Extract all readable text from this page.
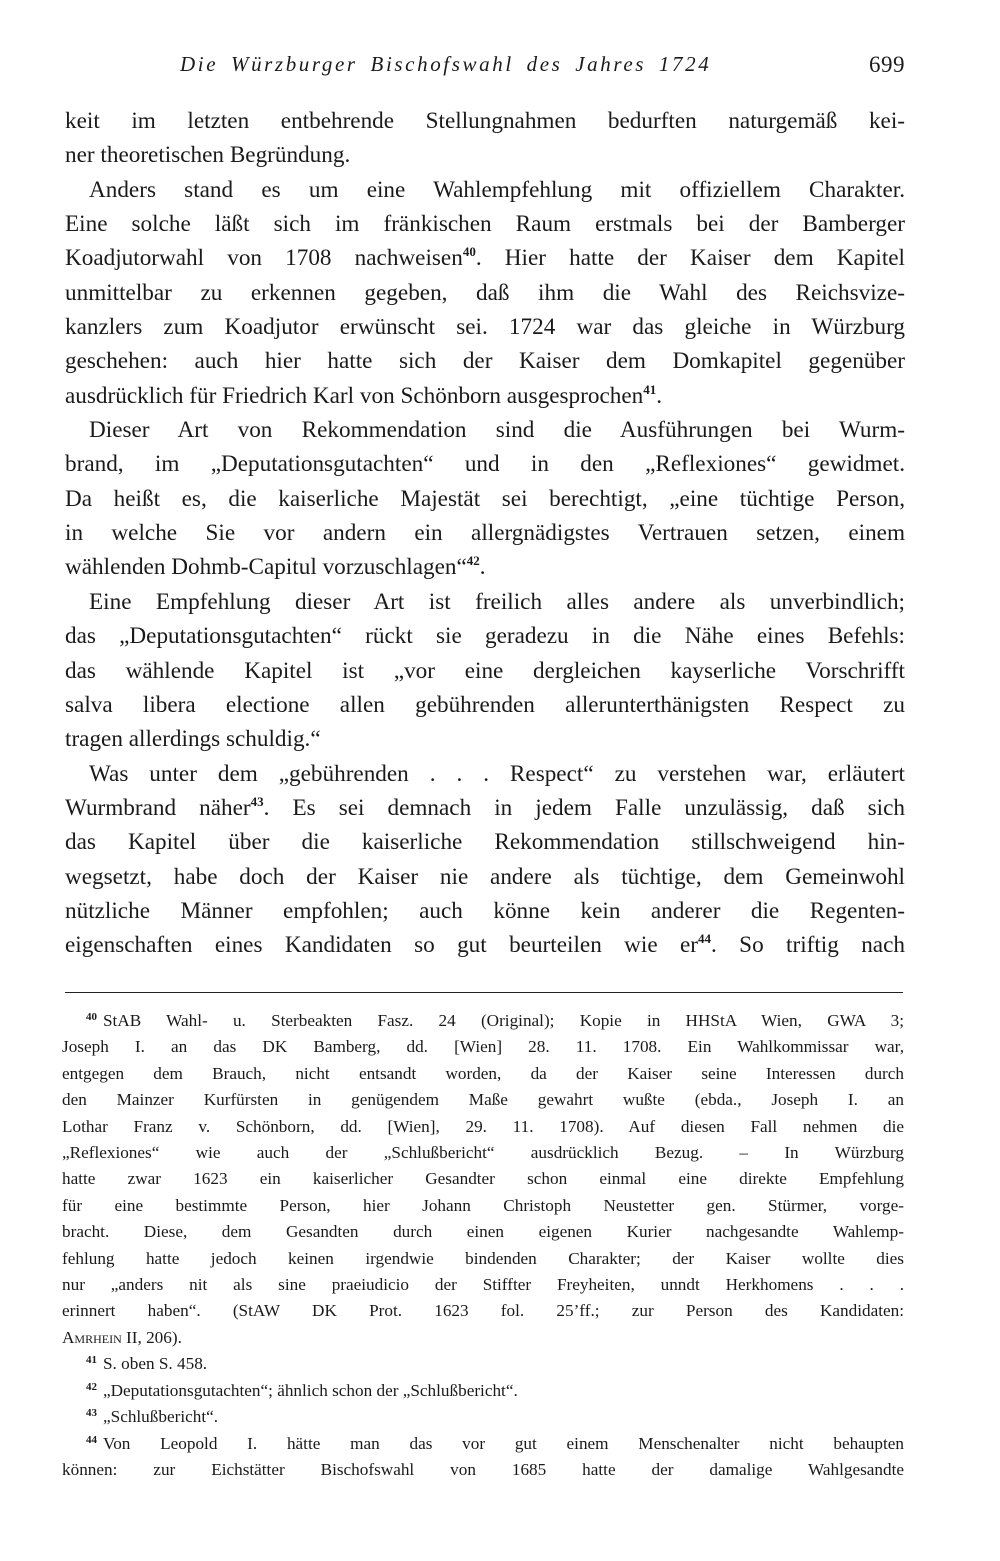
Die Würzburger Bischofswahl des Jahres 1724	699

keit im letzten entbehrende Stellungnahmen bedurften naturgemäß kei-

ner theoretischen Begründung.

Anders stand es um eine Wahlempfehlung mit offiziellem Charakter.

Eine solche läßt sich im fränkischen Raum erstmals bei der Bamberger

Koadjutorwahl von 1708 nachweisen$^{40}$. Hier hatte der Kaiser dem Kapitel

unmittelbar zu erkennen gegeben, daß ihm die Wahl des Reichsvize-

kanzlers zum Koadjutor erwünscht sei. 1724 war das gleiche in Würzburg

geschehen: auch hier hatte sich der Kaiser dem Domkapitel gegenüber

ausdrücklich für Friedrich Karl von Schönborn ausgesprochen$^{41}$.

Dieser Art von Rekommendation sind die Ausführungen bei Wurm-

brand, im „Deputationsgutachten“ und in den „Reflexiones“ gewidmet.

Da heißt es, die kaiserliche Majestät sei berechtigt, „eine tüchtige Person,

in welche Sie vor andern ein allergnädigstes Vertrauen setzen, einem

wählenden Dohmb-Capitul vorzuschlagen“$^{42}$.

Eine Empfehlung dieser Art ist freilich alles andere als unverbindlich;

das „Deputationsgutachten“ rückt sie geradezu in die Nähe eines Befehls:

das wählende Kapitel ist „vor eine dergleichen kayserliche Vorschrifft

salva libera electione allen gebührenden allerunterthänigsten Respect zu

tragen allerdings schuldig.“

Was unter dem „gebührenden . . . Respect“ zu verstehen war, erläutert

Wurmbrand näher$^{43}$. Es sei demnach in jedem Falle unzulässig, daß sich

das Kapitel über die kaiserliche Rekommendation stillschweigend hin-

wegsetzt, habe doch der Kaiser nie andere als tüchtige, dem Gemeinwohl

nützliche Männer empfohlen; auch könne kein anderer die Regenten-

eigenschaften eines Kandidaten so gut beurteilen wie $er^{44}$. So triftig nach

$^{40}$ StAB Wahl- u. Sterbeakten Fasz. 24 (Original); Kopie in HHStA Wien, GWA 3;

Joseph I. an das DK Bamberg, dd. [Wien] 28. 11. 1708. Ein Wahlkommissar war,

entgegen dem Brauch, nicht entsandt worden, da der Kaiser seine Interessen durch

den Mainzer Kurfürsten in genügendem Maße gewahrt wußte (ebda., Joseph I. an

Lothar Franz v. Schönborn, dd. [Wien], 29. 11. 1708). Auf diesen Fall nehmen die

„Reflexiones“ wie auch der „Schlußbericht“ ausdrücklich Bezug. – In Würzburg

hatte zwar 1623 ein kaiserlicher Gesandter schon einmal eine direkte Empfehlung

für eine bestimmte Person, hier Johann Christoph Neustetter gen. Stürmer, vorge-

bracht. Diese, dem Gesandten durch einen eigenen Kurier nachgesandte Wahlemp-

fehlung hatte jedoch keinen irgendwie bindenden Charakter; der Kaiser wollte dies

nur „anders nit als sine praeiudicio der Stiffter Freyheiten, unndt Herkhomens . . .

erinnert haben“. (StAW DK Prot. 1623 fol. 25’ff.; zur Person des Kandidaten:

Amrhein II, 206).

$^{41}$ S. oben S. 458.

$^{42}$ „Deputationsgutachten“; ähnlich schon der „Schlußbericht“.

$^{43}$ „Schlußbericht“.

$^{44}$ Von Leopold I. hätte man das vor gut einem Menschenalter nicht behaupten

können: zur Eichstätter Bischofswahl von 1685 hatte der damalige Wahlgesandte
